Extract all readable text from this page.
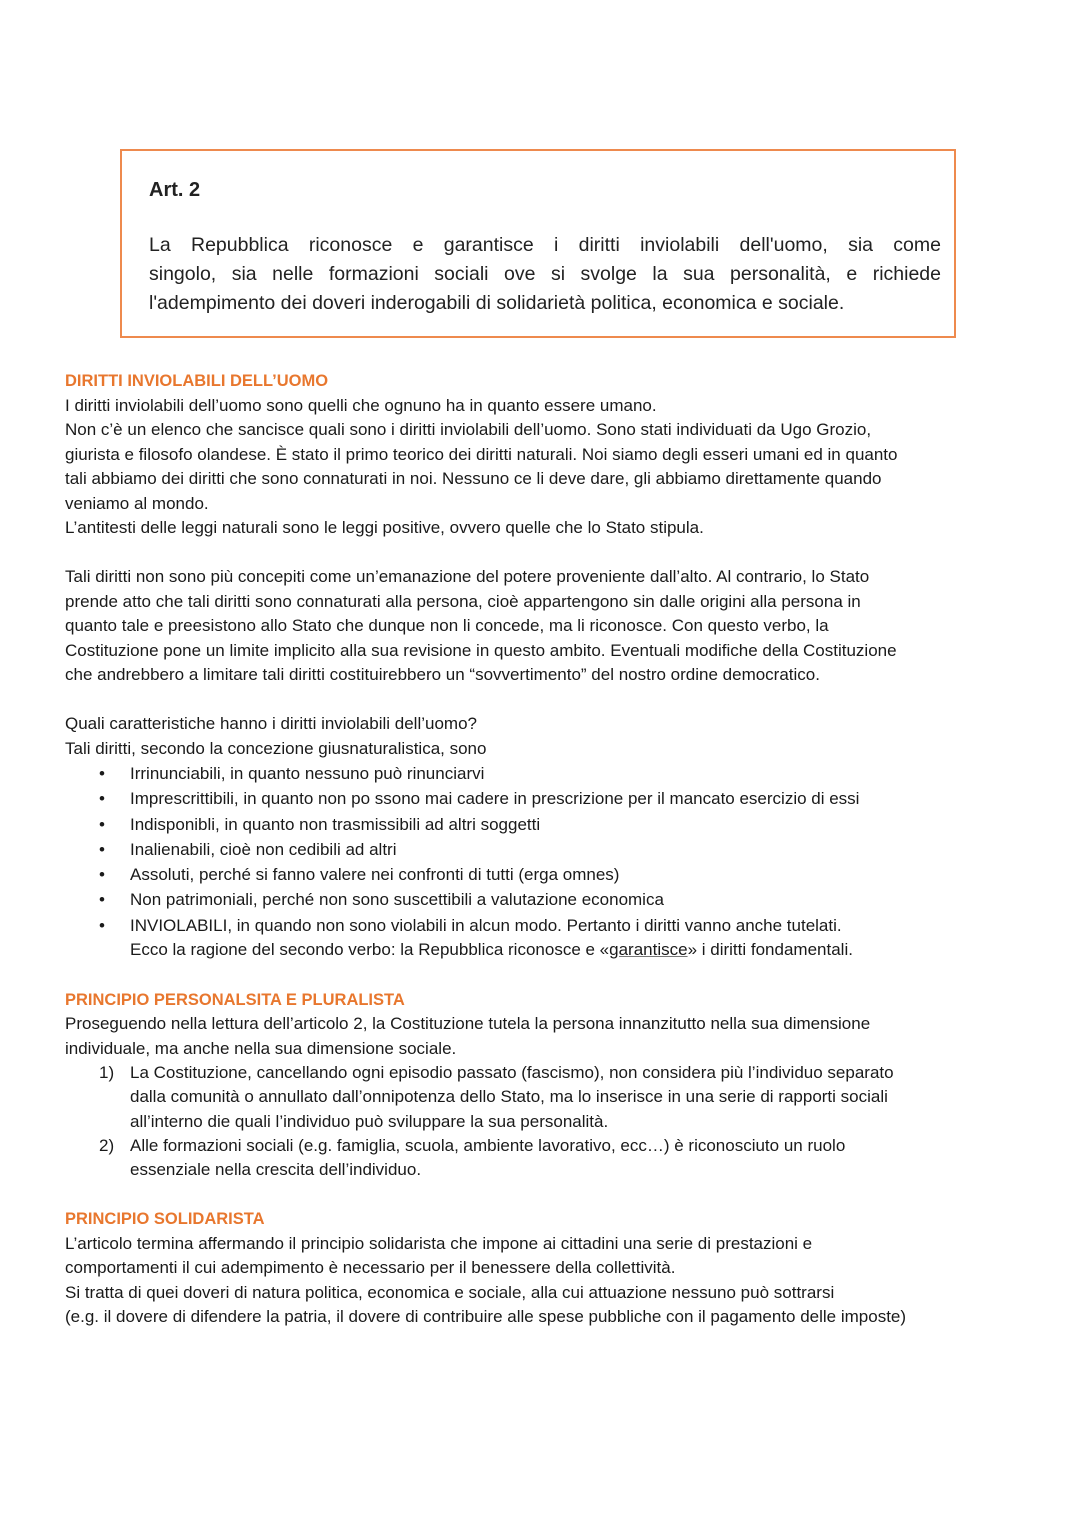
Art. 2
La Repubblica riconosce e garantisce i diritti inviolabili dell'uomo, sia come
singolo, sia nelle formazioni sociali ove si svolge la sua personalità, e richiede
l'adempimento dei doveri inderogabili di solidarietà politica, economica e sociale.
DIRITTI INVIOLABILI DELL’UOMO
I diritti inviolabili dell’uomo sono quelli che ognuno ha in quanto essere umano.
Non c’è un elenco che sancisce quali sono i diritti inviolabili dell’uomo. Sono stati individuati da Ugo Grozio,
giurista e filosofo olandese. È stato il primo teorico dei diritti naturali. Noi siamo degli esseri umani ed in quanto
tali abbiamo dei diritti che sono connaturati in noi. Nessuno ce li deve dare, gli abbiamo direttamente quando
veniamo al mondo.
L’antitesti delle leggi naturali sono le leggi positive, ovvero quelle che lo Stato stipula.
Tali diritti non sono più concepiti come un’emanazione del potere proveniente dall’alto. Al contrario, lo Stato
prende atto che tali diritti sono connaturati alla persona, cioè appartengono sin dalle origini alla persona in
quanto tale e preesistono allo Stato che dunque non li concede, ma li riconosce. Con questo verbo, la
Costituzione pone un limite implicito alla sua revisione in questo ambito. Eventuali modifiche della Costituzione
che andrebbero a limitare tali diritti costituirebbero un “sovvertimento” del nostro ordine democratico.
Quali caratteristiche hanno i diritti inviolabili dell’uomo?
Tali diritti, secondo la concezione giusnaturalistica, sono
• Irrinunciabili, in quanto nessuno può rinunciarvi
• Imprescrittibili, in quanto non po ssono mai cadere in prescrizione per il mancato esercizio di essi
• Indisponibli, in quanto non trasmissibili ad altri soggetti
• Inalienabili, cioè non cedibili ad altri
• Assoluti, perché si fanno valere nei confronti di tutti (erga omnes)
• Non patrimoniali, perché non sono suscettibili a valutazione economica
• INVIOLABILI, in quando non sono violabili in alcun modo. Pertanto i diritti vanno anche tutelati.
Ecco la ragione del secondo verbo: la Repubblica riconosce e «garantisce» i diritti fondamentali.
PRINCIPIO PERSONALSITA E PLURALISTA
Proseguendo nella lettura dell’articolo 2, la Costituzione tutela la persona innanzitutto nella sua dimensione
individuale, ma anche nella sua dimensione sociale.
1) La Costituzione, cancellando ogni episodio passato (fascismo), non considera più l’individuo separato
dalla comunità o annullato dall’onnipotenza dello Stato, ma lo inserisce in una serie di rapporti sociali
all’interno die quali l’individuo può sviluppare la sua personalità.
2) Alle formazioni sociali (e.g. famiglia, scuola, ambiente lavorativo, ecc…) è riconosciuto un ruolo
essenziale nella crescita dell’individuo.
PRINCIPIO SOLIDARISTA
L’articolo termina affermando il principio solidarista che impone ai cittadini una serie di prestazioni e
comportamenti il cui adempimento è necessario per il benessere della collettività.
Si tratta di quei doveri di natura politica, economica e sociale, alla cui attuazione nessuno può sottrarsi
(e.g. il dovere di difendere la patria, il dovere di contribuire alle spese pubbliche con il pagamento delle imposte)
